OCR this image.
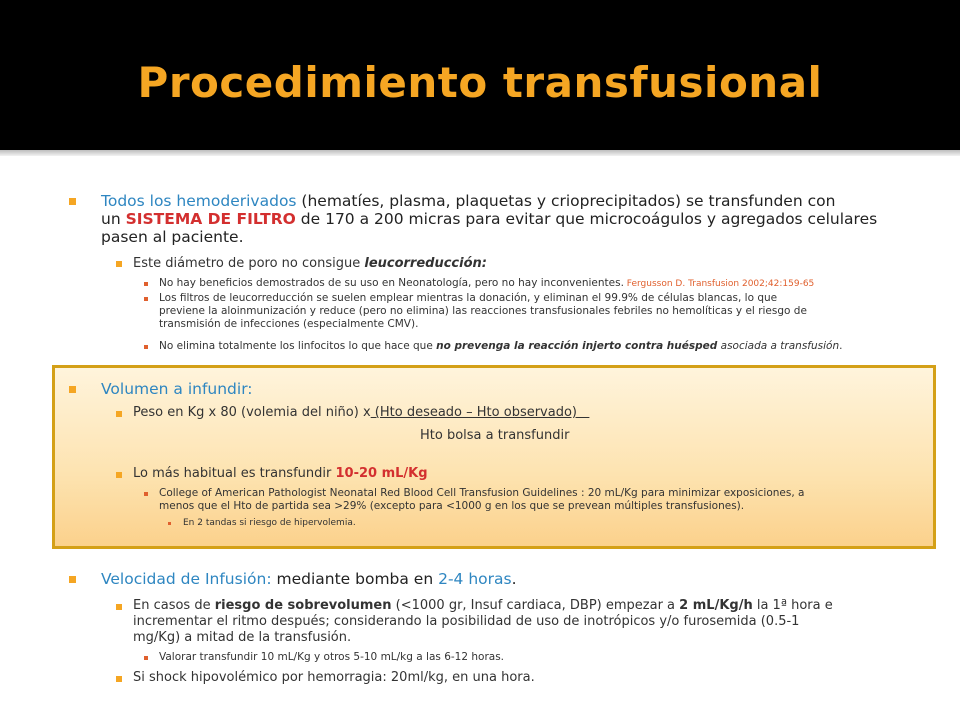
Procedimiento transfusional
Todos los hemoderivados (hematíes, plasma, plaquetas y crioprecipitados) se transfunden con
un SISTEMA DE FILTRO de 170 a 200 micras para evitar que microcoágulos y agregados celulares
pasen al paciente.
Este diámetro de poro no consigue leucorreducción:
No hay beneficios demostrados de su uso en Neonatología, pero no hay inconvenientes. Fergusson D. Transfusion 2002;42:159-65
Los filtros de leucorreducción se suelen emplear mientras la donación, y eliminan el 99.9% de células blancas, lo que
previene la aloinmunización y reduce (pero no elimina) las reacciones transfusionales febriles no hemolíticas y el riesgo de
transmisión de infecciones (especialmente CMV).
No elimina totalmente los linfocitos lo que hace que no prevenga la reacción injerto contra huésped asociada a transfusión.
Volumen a infundir:
Peso en Kg x 80 (volemia del niño) x (Hto deseado – Hto observado)
Hto bolsa a transfundir
Lo más habitual es transfundir 10-20 mL/Kg
College of American Pathologist Neonatal Red Blood Cell Transfusion Guidelines : 20 mL/Kg para minimizar exposiciones, a
menos que el Hto de partida sea >29% (excepto para <1000 g en los que se prevean múltiples transfusiones).
En 2 tandas si riesgo de hipervolemia.
Velocidad de Infusión: mediante bomba en 2-4 horas.
En casos de riesgo de sobrevolumen (<1000 gr, Insuf cardiaca, DBP) empezar a 2 mL/Kg/h la 1ª hora e
incrementar el ritmo después; considerando la posibilidad de uso de inotrópicos y/o furosemida (0.5-1
mg/Kg) a mitad de la transfusión.
Valorar transfundir 10 mL/Kg y otros 5-10 mL/kg a las 6-12 horas.
Si shock hipovolémico por hemorragia: 20ml/kg, en una hora.
